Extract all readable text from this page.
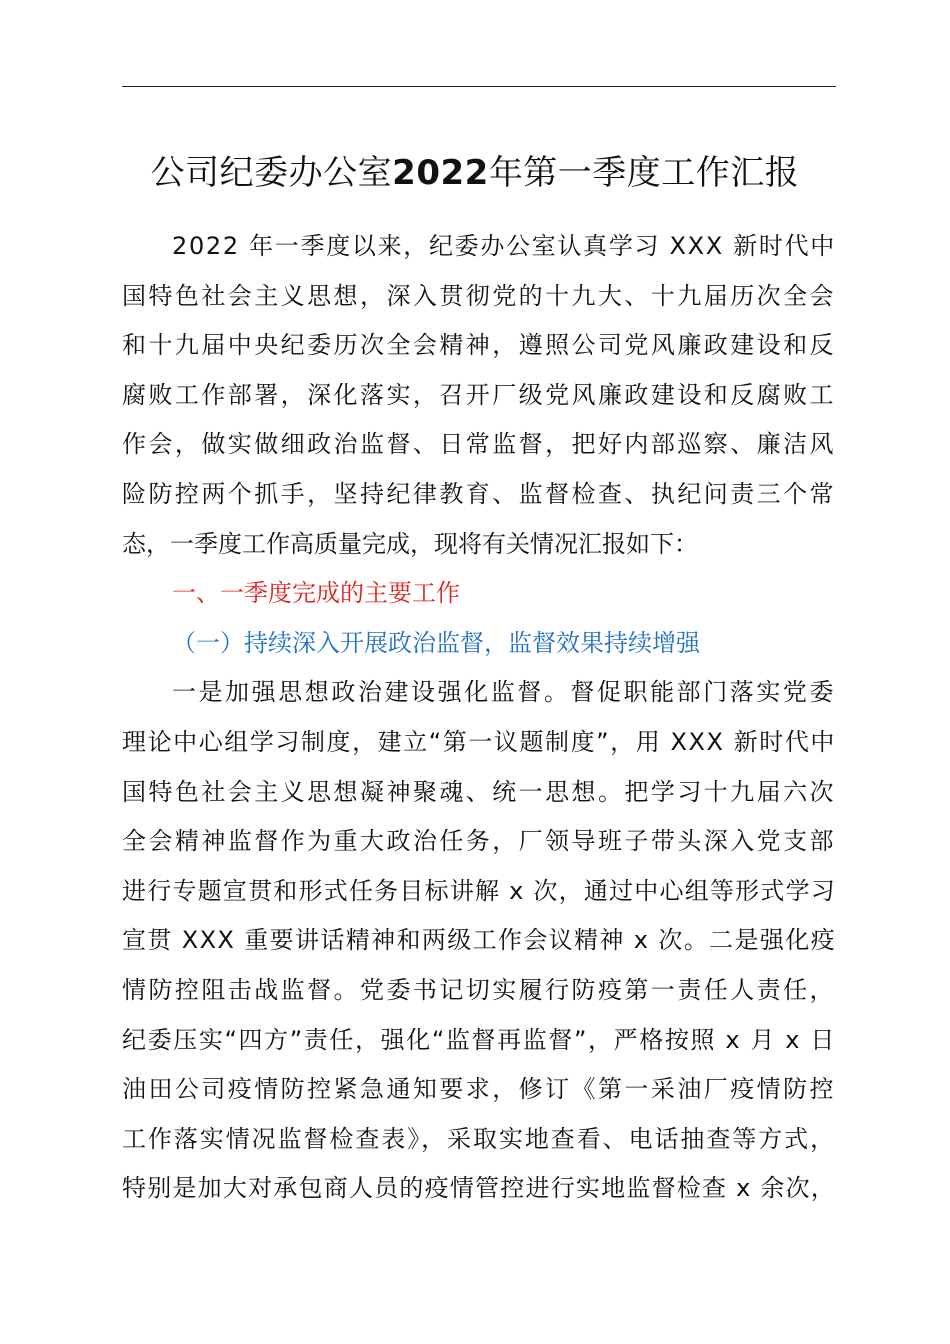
公司纪委办公室2022年第一季度工作汇报
2022 年一季度以来，纪委办公室认真学习 XXX 新时代中
国特色社会主义思想，深入贯彻党的十九大、十九届历次全会
和十九届中央纪委历次全会精神，遵照公司党风廉政建设和反
腐败工作部署，深化落实，召开厂级党风廉政建设和反腐败工
作会，做实做细政治监督、日常监督，把好内部巡察、廉洁风
险防控两个抓手，坚持纪律教育、监督检查、执纪问责三个常
态，一季度工作高质量完成，现将有关情况汇报如下：
一、一季度完成的主要工作
（一）持续深入开展政治监督，监督效果持续增强
一是加强思想政治建设强化监督。督促职能部门落实党委
理论中心组学习制度，建立“第一议题制度”，用 XXX 新时代中
国特色社会主义思想凝神聚魂、统一思想。把学习十九届六次
全会精神监督作为重大政治任务，厂领导班子带头深入党支部
进行专题宣贯和形式任务目标讲解 x 次，通过中心组等形式学习
宣贯 XXX 重要讲话精神和两级工作会议精神 x 次。二是强化疫
情防控阻击战监督。党委书记切实履行防疫第一责任人责任，
纪委压实“四方”责任，强化“监督再监督”，严格按照 x 月 x 日
油田公司疫情防控紧急通知要求，修订《第一采油厂疫情防控
工作落实情况监督检查表》，采取实地查看、电话抽查等方式，
特别是加大对承包商人员的疫情管控进行实地监督检查 x 余次，
